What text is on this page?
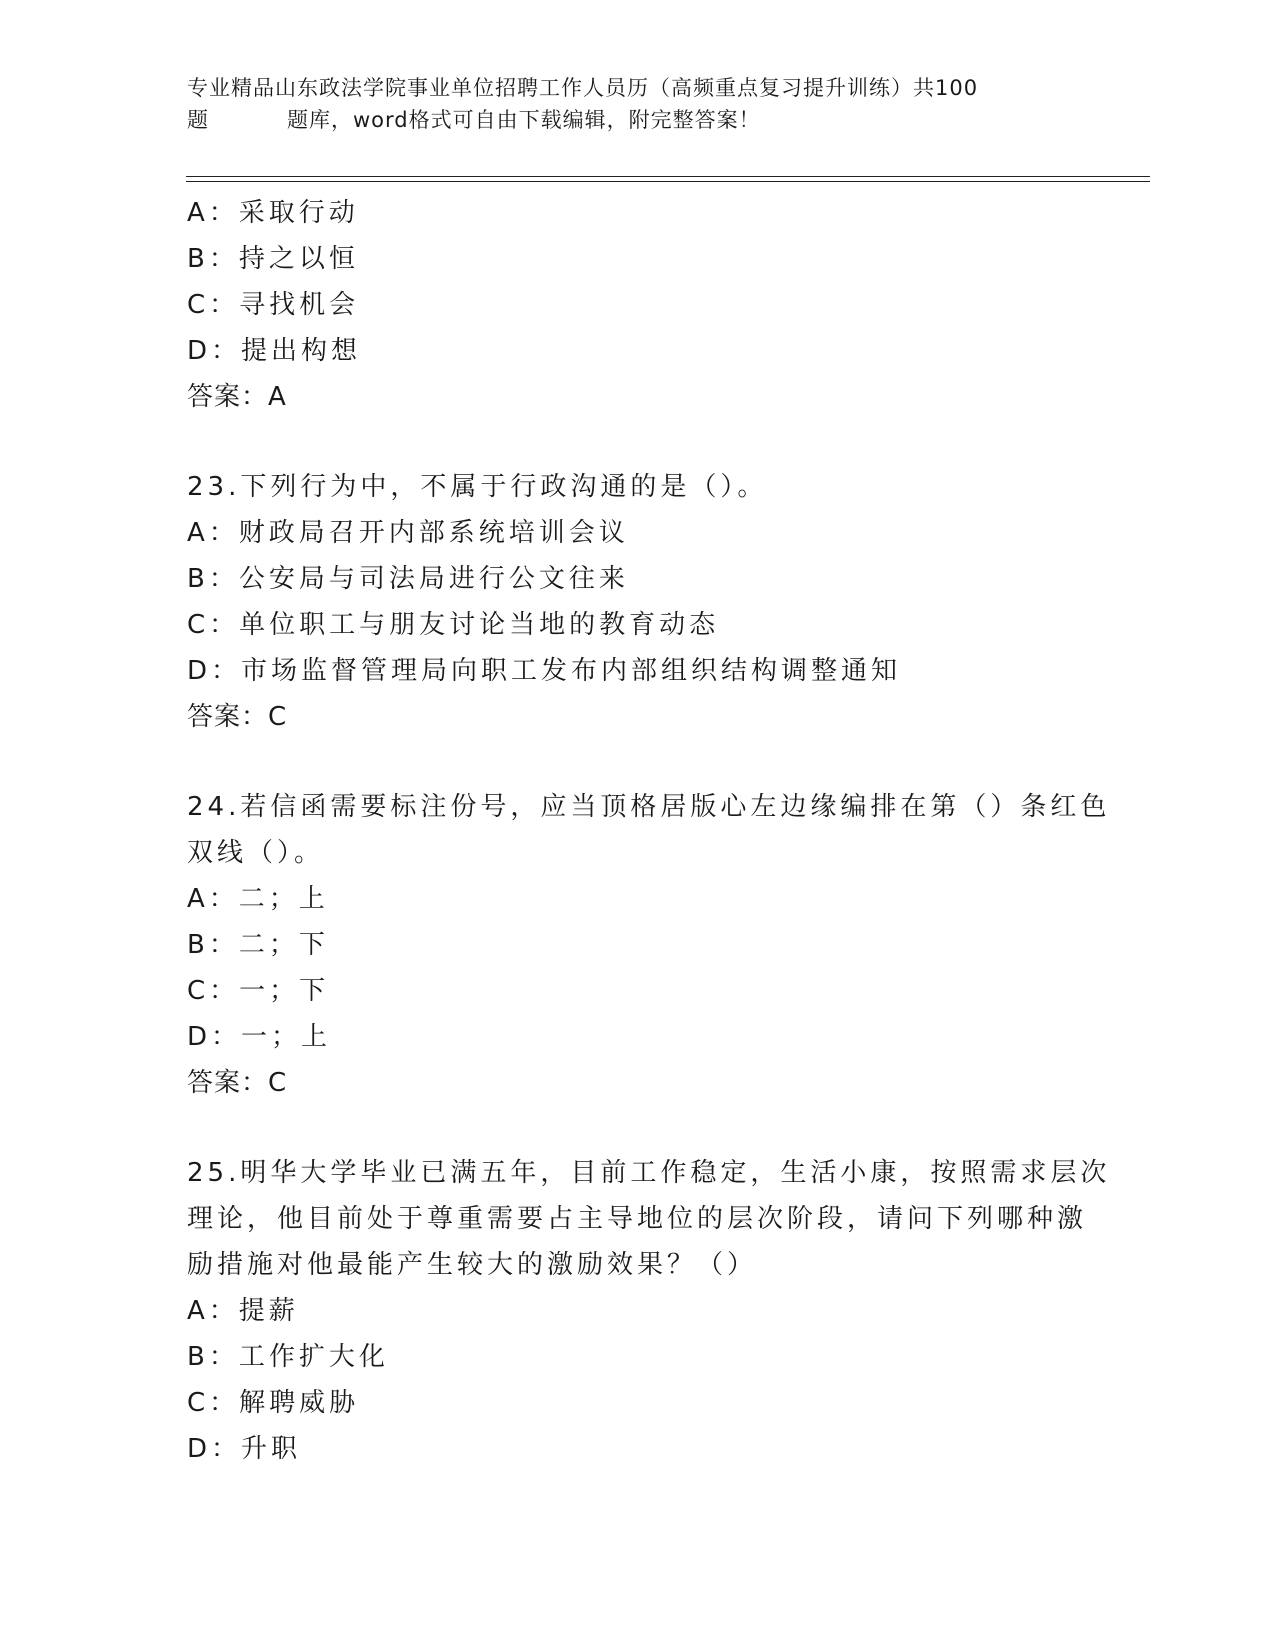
专业精品山东政法学院事业单位招聘工作人员历（高频重点复习提升训练）共100
题	题库，word格式可自由下载编辑，附完整答案！
A：采取行动
B：持之以恒
C：寻找机会
D：提出构想
答案：A
23.下列行为中，不属于行政沟通的是（）。
A：财政局召开内部系统培训会议
B：公安局与司法局进行公文往来
C：单位职工与朋友讨论当地的教育动态
D：市场监督管理局向职工发布内部组织结构调整通知
答案：C
24.若信函需要标注份号，应当顶格居版心左边缘编排在第（）条红色
双线（）。
A：二；上
B：二；下
C：一；下
D：一；上
答案：C
25.明华大学毕业已满五年，目前工作稳定，生活小康，按照需求层次
理论，他目前处于尊重需要占主导地位的层次阶段，请问下列哪种激
励措施对他最能产生较大的激励效果？（）
A：提薪
B：工作扩大化
C：解聘威胁
D：升职
